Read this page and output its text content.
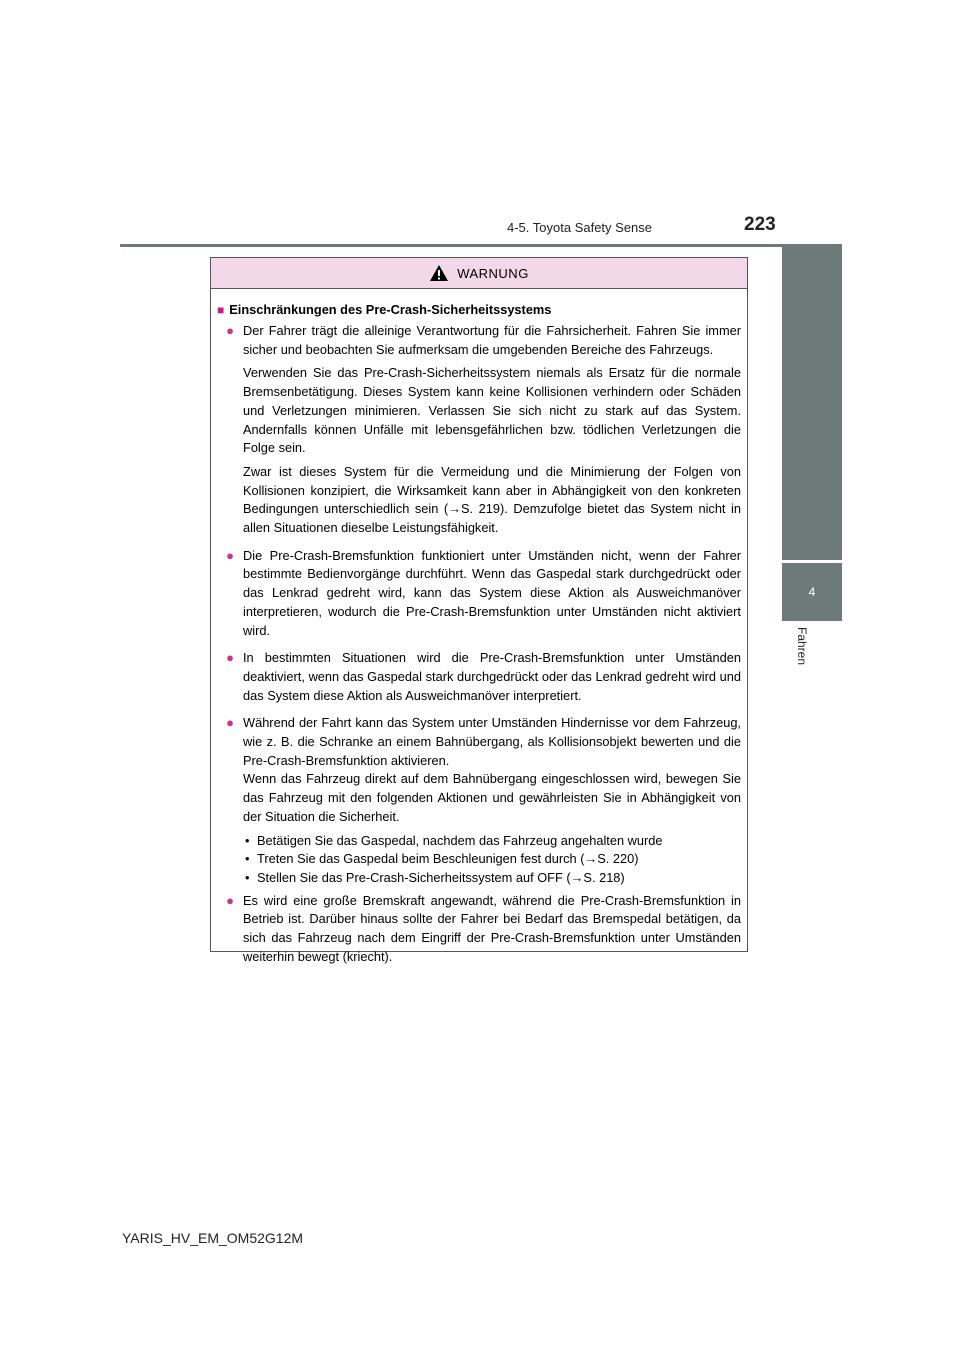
4-5. Toyota Safety Sense	223
4
Fahren
WARNUNG
■ Einschränkungen des Pre-Crash-Sicherheitssystems
● Der Fahrer trägt die alleinige Verantwortung für die Fahrsicherheit. Fahren Sie immer sicher und beobachten Sie aufmerksam die umgebenden Bereiche des Fahrzeugs.

Verwenden Sie das Pre-Crash-Sicherheitssystem niemals als Ersatz für die normale Bremsenbetätigung. Dieses System kann keine Kollisionen verhindern oder Schäden und Verletzungen minimieren. Verlassen Sie sich nicht zu stark auf das System. Andernfalls können Unfälle mit lebensgefährlichen bzw. tödlichen Verletzungen die Folge sein.

Zwar ist dieses System für die Vermeidung und die Minimierung der Folgen von Kollisionen konzipiert, die Wirksamkeit kann aber in Abhängigkeit von den konkreten Bedingungen unterschiedlich sein (→S. 219). Demzufolge bietet das System nicht in allen Situationen dieselbe Leistungsfähigkeit.

● Die Pre-Crash-Bremsfunktion funktioniert unter Umständen nicht, wenn der Fahrer bestimmte Bedienvorgänge durchführt. Wenn das Gaspedal stark durchgedrückt oder das Lenkrad gedreht wird, kann das System diese Aktion als Ausweichmanöver interpretieren, wodurch die Pre-Crash-Bremsfunktion unter Umständen nicht aktiviert wird.

● In bestimmten Situationen wird die Pre-Crash-Bremsfunktion unter Umständen deaktiviert, wenn das Gaspedal stark durchgedrückt oder das Lenkrad gedreht wird und das System diese Aktion als Ausweichmanöver interpretiert.

● Während der Fahrt kann das System unter Umständen Hindernisse vor dem Fahrzeug, wie z. B. die Schranke an einem Bahnübergang, als Kollisionsobjekt bewerten und die Pre-Crash-Bremsfunktion aktivieren.

Wenn das Fahrzeug direkt auf dem Bahnübergang eingeschlossen wird, bewegen Sie das Fahrzeug mit den folgenden Aktionen und gewährleisten Sie in Abhängigkeit von der Situation die Sicherheit.

• Betätigen Sie das Gaspedal, nachdem das Fahrzeug angehalten wurde
• Treten Sie das Gaspedal beim Beschleunigen fest durch (→S. 220)
• Stellen Sie das Pre-Crash-Sicherheitssystem auf OFF (→S. 218)
● Es wird eine große Bremskraft angewandt, während die Pre-Crash-Bremsfunktion in Betrieb ist. Darüber hinaus sollte der Fahrer bei Bedarf das Bremspedal betätigen, da sich das Fahrzeug nach dem Eingriff der Pre-Crash-Bremsfunktion unter Umständen weiterhin bewegt (kriecht).

YARIS_HV_EM_OM52G12M
